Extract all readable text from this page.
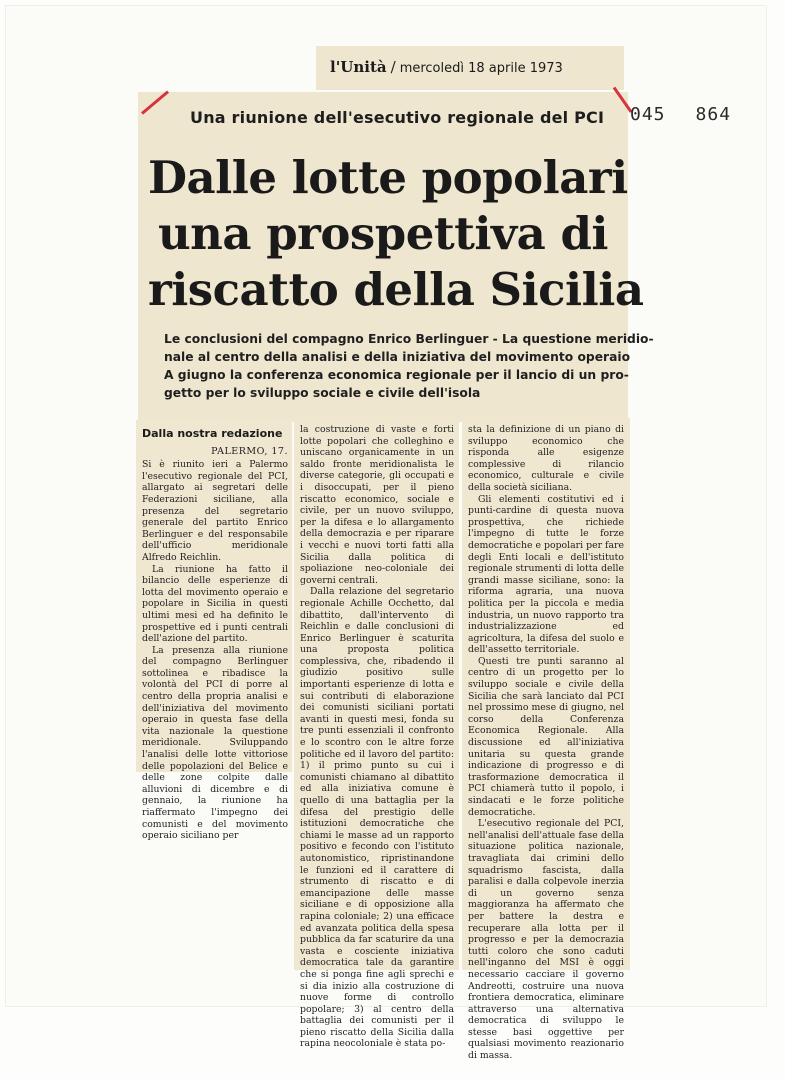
l'Unità / mercoledì 18 aprile 1973
Una riunione dell'esecutivo regionale del PCI	045 864
Dalle lotte popolari
una prospettiva di
riscatto della Sicilia
Le conclusioni del compagno Enrico Berlinguer - La questione meridio-
nale al centro della analisi e della iniziativa del movimento operaio
A giugno la conferenza economica regionale per il lancio di un pro-
getto per lo sviluppo sociale e civile dell'isola
Dalla nostra redazione
PALERMO, 17.

Si è riunito ieri a Palermo l'esecutivo regionale del PCI, allargato ai segretari delle Federazioni siciliane, alla presenza del segretario generale del partito Enrico Berlinguer e del responsabile dell'ufficio meridionale Alfredo Reichlin.

La riunione ha fatto il bilancio delle esperienze di lotta del movimento operaio e popolare in Sicilia in questi ultimi mesi ed ha definito le prospettive ed i punti centrali dell'azione del partito.

La presenza alla riunione del compagno Berlinguer sottolinea e ribadisce la volontà del PCI di porre al centro della propria analisi e dell'iniziativa del movimento operaio in questa fase della vita nazionale la questione meridionale. Sviluppando l'analisi delle lotte vittoriose delle popolazioni del Belice e delle zone colpite dalle alluvioni di dicembre e di gennaio, la riunione ha riaffermato l'impegno dei comunisti e del movimento operaio siciliano per

la costruzione di vaste e forti lotte popolari che colleghino e uniscano organicamente in un saldo fronte meridionalista le diverse categorie, gli occupati e i disoccupati, per il pieno riscatto economico, sociale e civile, per un nuovo sviluppo, per la difesa e lo allargamento della democrazia e per riparare i vecchi e nuovi torti fatti alla Sicilia dalla politica di spoliazione neo-coloniale dei governi centrali.

Dalla relazione del segretario regionale Achille Occhetto, dal dibattito, dall'intervento di Reichlin e dalle conclusioni di Enrico Berlinguer è scaturita una proposta politica complessiva, che, ribadendo il giudizio positivo sulle importanti esperienze di lotta e sui contributi di elaborazione dei comunisti siciliani portati avanti in questi mesi, fonda su tre punti essenziali il confronto e lo scontro con le altre forze politiche ed il lavoro del partito: 1) il primo punto su cui i comunisti chiamano al dibattito ed alla iniziativa comune è quello di una battaglia per la difesa del prestigio delle istituzioni democratiche che chiami le masse ad un rapporto positivo e fecondo con l'istituto autonomistico, ripristinandone le funzioni ed il carattere di strumento di riscatto e di emancipazione delle masse siciliane e di opposizione alla rapina coloniale; 2) una efficace ed avanzata politica della spesa pubblica da far scaturire da una vasta e cosciente iniziativa democratica tale da garantire che si ponga fine agli sprechi e si dia inizio alla costruzione di nuove forme di controllo popolare; 3) al centro della battaglia dei comunisti per il pieno riscatto della Sicilia dalla rapina neocoloniale è stata po-

sta la definizione di un piano di sviluppo economico che risponda alle esigenze complessive di rilancio economico, culturale e civile della società siciliana.

Gli elementi costitutivi ed i punti-cardine di questa nuova prospettiva, che richiede l'impegno di tutte le forze democratiche e popolari per fare degli Enti locali e dell'istituto regionale strumenti di lotta delle grandi masse siciliane, sono: la riforma agraria, una nuova politica per la piccola e media industria, un nuovo rapporto tra industrializzazione ed agricoltura, la difesa del suolo e dell'assetto territoriale.

Questi tre punti saranno al centro di un progetto per lo sviluppo sociale e civile della Sicilia che sarà lanciato dal PCI nel prossimo mese di giugno, nel corso della Conferenza Economica Regionale. Alla discussione ed all'iniziativa unitaria su questa grande indicazione di progresso e di trasformazione democratica il PCI chiamerà tutto il popolo, i sindacati e le forze politiche democratiche.

L'esecutivo regionale del PCI, nell'analisi dell'attuale fase della situazione politica nazionale, travagliata dai crimini dello squadrismo fascista, dalla paralisi e dalla colpevole inerzia di un governo senza maggioranza ha affermato che per battere la destra e recuperare alla lotta per il progresso e per la democrazia tutti coloro che sono caduti nell'inganno del MSI è oggi necessario cacciare il governo Andreotti, costruire una nuova frontiera democratica, eliminare attraverso una alternativa democratica di sviluppo le stesse basi oggettive per qualsiasi movimento reazionario di massa.
